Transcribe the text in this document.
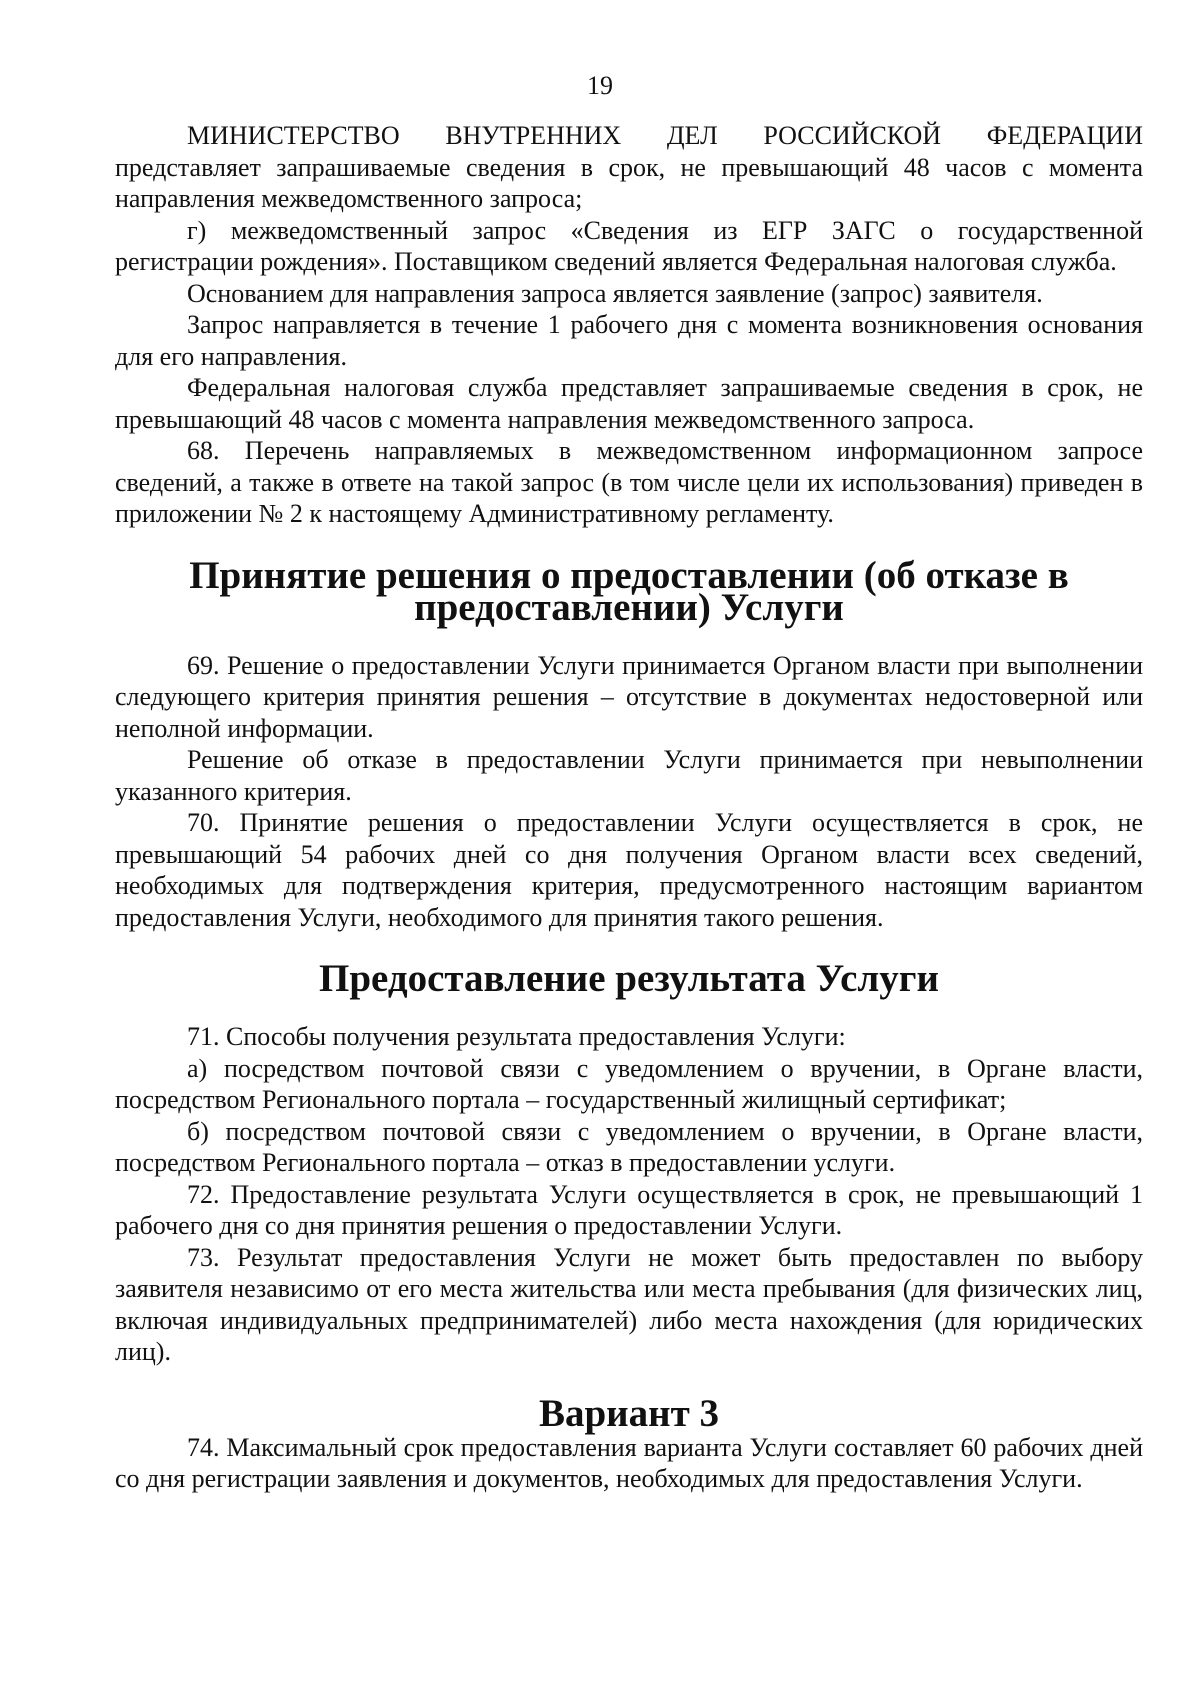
19

МИНИСТЕРСТВО ВНУТРЕННИХ ДЕЛ РОССИЙСКОЙ ФЕДЕРАЦИИ

представляет запрашиваемые сведения в срок, не превышающий 48 часов с момента направления межведомственного запроса;

г) межведомственный запрос «Сведения из ЕГР ЗАГС о государственной регистрации рождения». Поставщиком сведений является Федеральная налоговая служба.

Основанием для направления запроса является заявление (запрос) заявителя.

Запрос направляется в течение 1 рабочего дня с момента возникновения основания для его направления.

Федеральная налоговая служба представляет запрашиваемые сведения в срок, не превышающий 48 часов с момента направления межведомственного запроса.

68. Перечень направляемых в межведомственном информационном запросе сведений, а также в ответе на такой запрос (в том числе цели их использования) приведен в приложении № 2 к настоящему Административному регламенту.

Принятие решения о предоставлении (об отказе в предоставлении) Услуги

69. Решение о предоставлении Услуги принимается Органом власти при выполнении следующего критерия принятия решения – отсутствие в документах недостоверной или неполной информации.

Решение об отказе в предоставлении Услуги принимается при невыполнении указанного критерия.

70. Принятие решения о предоставлении Услуги осуществляется в срок, не превышающий 54 рабочих дней со дня получения Органом власти всех сведений, необходимых для подтверждения критерия, предусмотренного настоящим вариантом предоставления Услуги, необходимого для принятия такого решения.

Предоставление результата Услуги

71. Способы получения результата предоставления Услуги:

а) посредством почтовой связи с уведомлением о вручении, в Органе власти, посредством Регионального портала – государственный жилищный сертификат;

б) посредством почтовой связи с уведомлением о вручении, в Органе власти, посредством Регионального портала – отказ в предоставлении услуги.

72. Предоставление результата Услуги осуществляется в срок, не превышающий 1 рабочего дня со дня принятия решения о предоставлении Услуги.

73. Результат предоставления Услуги не может быть предоставлен по выбору заявителя независимо от его места жительства или места пребывания (для физических лиц, включая индивидуальных предпринимателей) либо места нахождения (для юридических лиц).

Вариант 3

74. Максимальный срок предоставления варианта Услуги составляет 60 рабочих дней со дня регистрации заявления и документов, необходимых для предоставления Услуги.
